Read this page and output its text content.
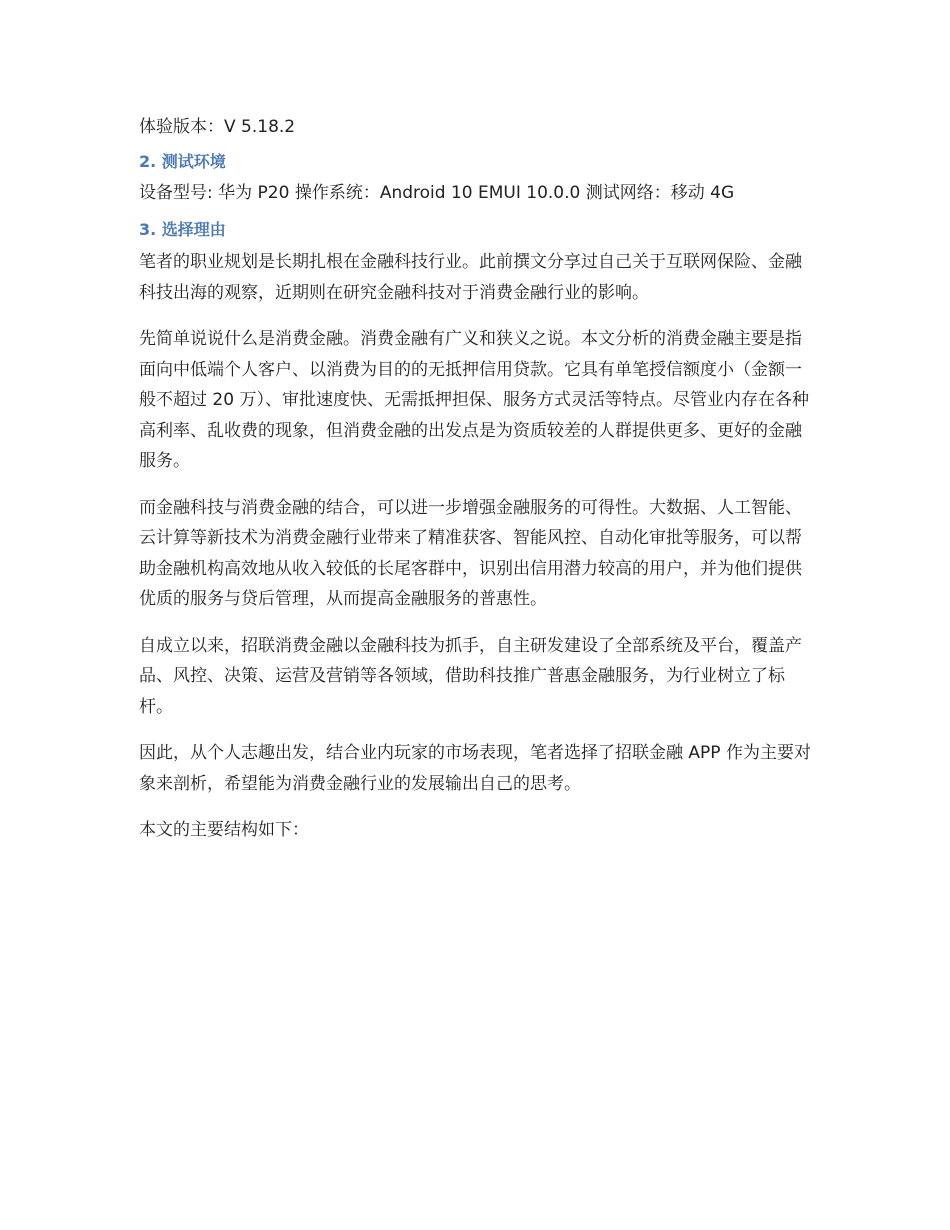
体验版本：V 5.18.2

2. 测试环境

设备型号: 华为 P20 操作系统：Android 10 EMUI 10.0.0 测试网络：移动 4G

3. 选择理由

笔者的职业规划是长期扎根在金融科技行业。此前撰文分享过自己关于互联网保险、金融科技出海的观察，近期则在研究金融科技对于消费金融行业的影响。

先简单说说什么是消费金融。消费金融有广义和狭义之说。本文分析的消费金融主要是指面向中低端个人客户、以消费为目的的无抵押信用贷款。它具有单笔授信额度小（金额一般不超过 20 万）、审批速度快、无需抵押担保、服务方式灵活等特点。尽管业内存在各种高利率、乱收费的现象，但消费金融的出发点是为资质较差的人群提供更多、更好的金融服务。

而金融科技与消费金融的结合，可以进一步增强金融服务的可得性。大数据、人工智能、云计算等新技术为消费金融行业带来了精准获客、智能风控、自动化审批等服务，可以帮助金融机构高效地从收入较低的长尾客群中，识别出信用潜力较高的用户，并为他们提供优质的服务与贷后管理，从而提高金融服务的普惠性。

自成立以来，招联消费金融以金融科技为抓手，自主研发建设了全部系统及平台，覆盖产品、风控、决策、运营及营销等各领域，借助科技推广普惠金融服务，为行业树立了标杆。

因此，从个人志趣出发，结合业内玩家的市场表现，笔者选择了招联金融 APP 作为主要对象来剖析，希望能为消费金融行业的发展输出自己的思考。

本文的主要结构如下：
